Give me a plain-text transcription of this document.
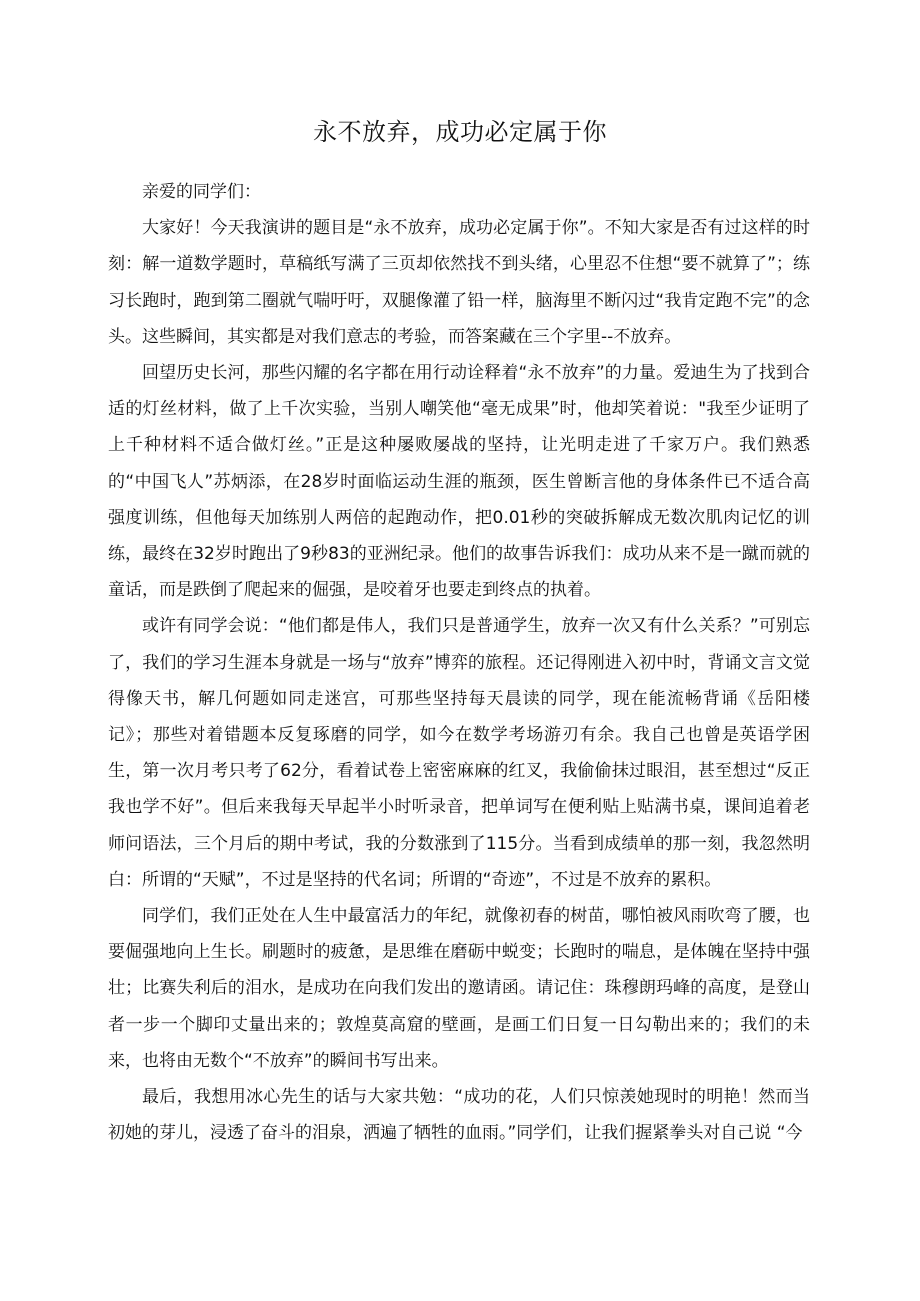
永不放弃，成功必定属于你

亲爱的同学们：

大家好！今天我演讲的题目是“永不放弃，成功必定属于你”。不知大家是否有过这样的时刻：解一道数学题时，草稿纸写满了三页却依然找不到头绪，心里忍不住想“要不就算了”；练习长跑时，跑到第二圈就气喘吁吁，双腿像灌了铅一样，脑海里不断闪过“我肯定跑不完”的念头。这些瞬间，其实都是对我们意志的考验，而答案藏在三个字里--不放弃。

回望历史长河，那些闪耀的名字都在用行动诠释着“永不放弃”的力量。爱迪生为了找到合适的灯丝材料，做了上千次实验，当别人嘲笑他“毫无成果”时，他却笑着说："我至少证明了上千种材料不适合做灯丝。”正是这种屡败屡战的坚持，让光明走进了千家万户。我们熟悉的“中国飞人”苏炳添，在28岁时面临运动生涯的瓶颈，医生曾断言他的身体条件已不适合高强度训练，但他每天加练别人两倍的起跑动作，把0.01秒的突破拆解成无数次肌肉记忆的训练，最终在32岁时跑出了9秒83的亚洲纪录。他们的故事告诉我们：成功从来不是一蹴而就的童话，而是跌倒了爬起来的倔强，是咬着牙也要走到终点的执着。

或许有同学会说：“他们都是伟人，我们只是普通学生，放弃一次又有什么关系？”可别忘了，我们的学习生涯本身就是一场与“放弃”博弈的旅程。还记得刚进入初中时，背诵文言文觉得像天书，解几何题如同走迷宫，可那些坚持每天晨读的同学，现在能流畅背诵《岳阳楼记》；那些对着错题本反复琢磨的同学，如今在数学考场游刃有余。我自己也曾是英语学困生，第一次月考只考了62分，看着试卷上密密麻麻的红叉，我偷偷抹过眼泪，甚至想过“反正我也学不好”。但后来我每天早起半小时听录音，把单词写在便利贴上贴满书桌，课间追着老师问语法，三个月后的期中考试，我的分数涨到了115分。当看到成绩单的那一刻，我忽然明白：所谓的“天赋”，不过是坚持的代名词；所谓的“奇迹”，不过是不放弃的累积。

同学们，我们正处在人生中最富活力的年纪，就像初春的树苗，哪怕被风雨吹弯了腰，也要倔强地向上生长。刷题时的疲惫，是思维在磨砺中蜕变；长跑时的喘息，是体魄在坚持中强壮；比赛失利后的泪水，是成功在向我们发出的邀请函。请记住：珠穆朗玛峰的高度，是登山者一步一个脚印丈量出来的；敦煌莫高窟的壁画，是画工们日复一日勾勒出来的；我们的未来，也将由无数个“不放弃”的瞬间书写出来。

最后，我想用冰心先生的话与大家共勉：“成功的花，人们只惊羡她现时的明艳！然而当初她的芽儿，浸透了奋斗的泪泉，洒遍了牺牲的血雨。”同学们，让我们握紧拳头对自己说 “今
